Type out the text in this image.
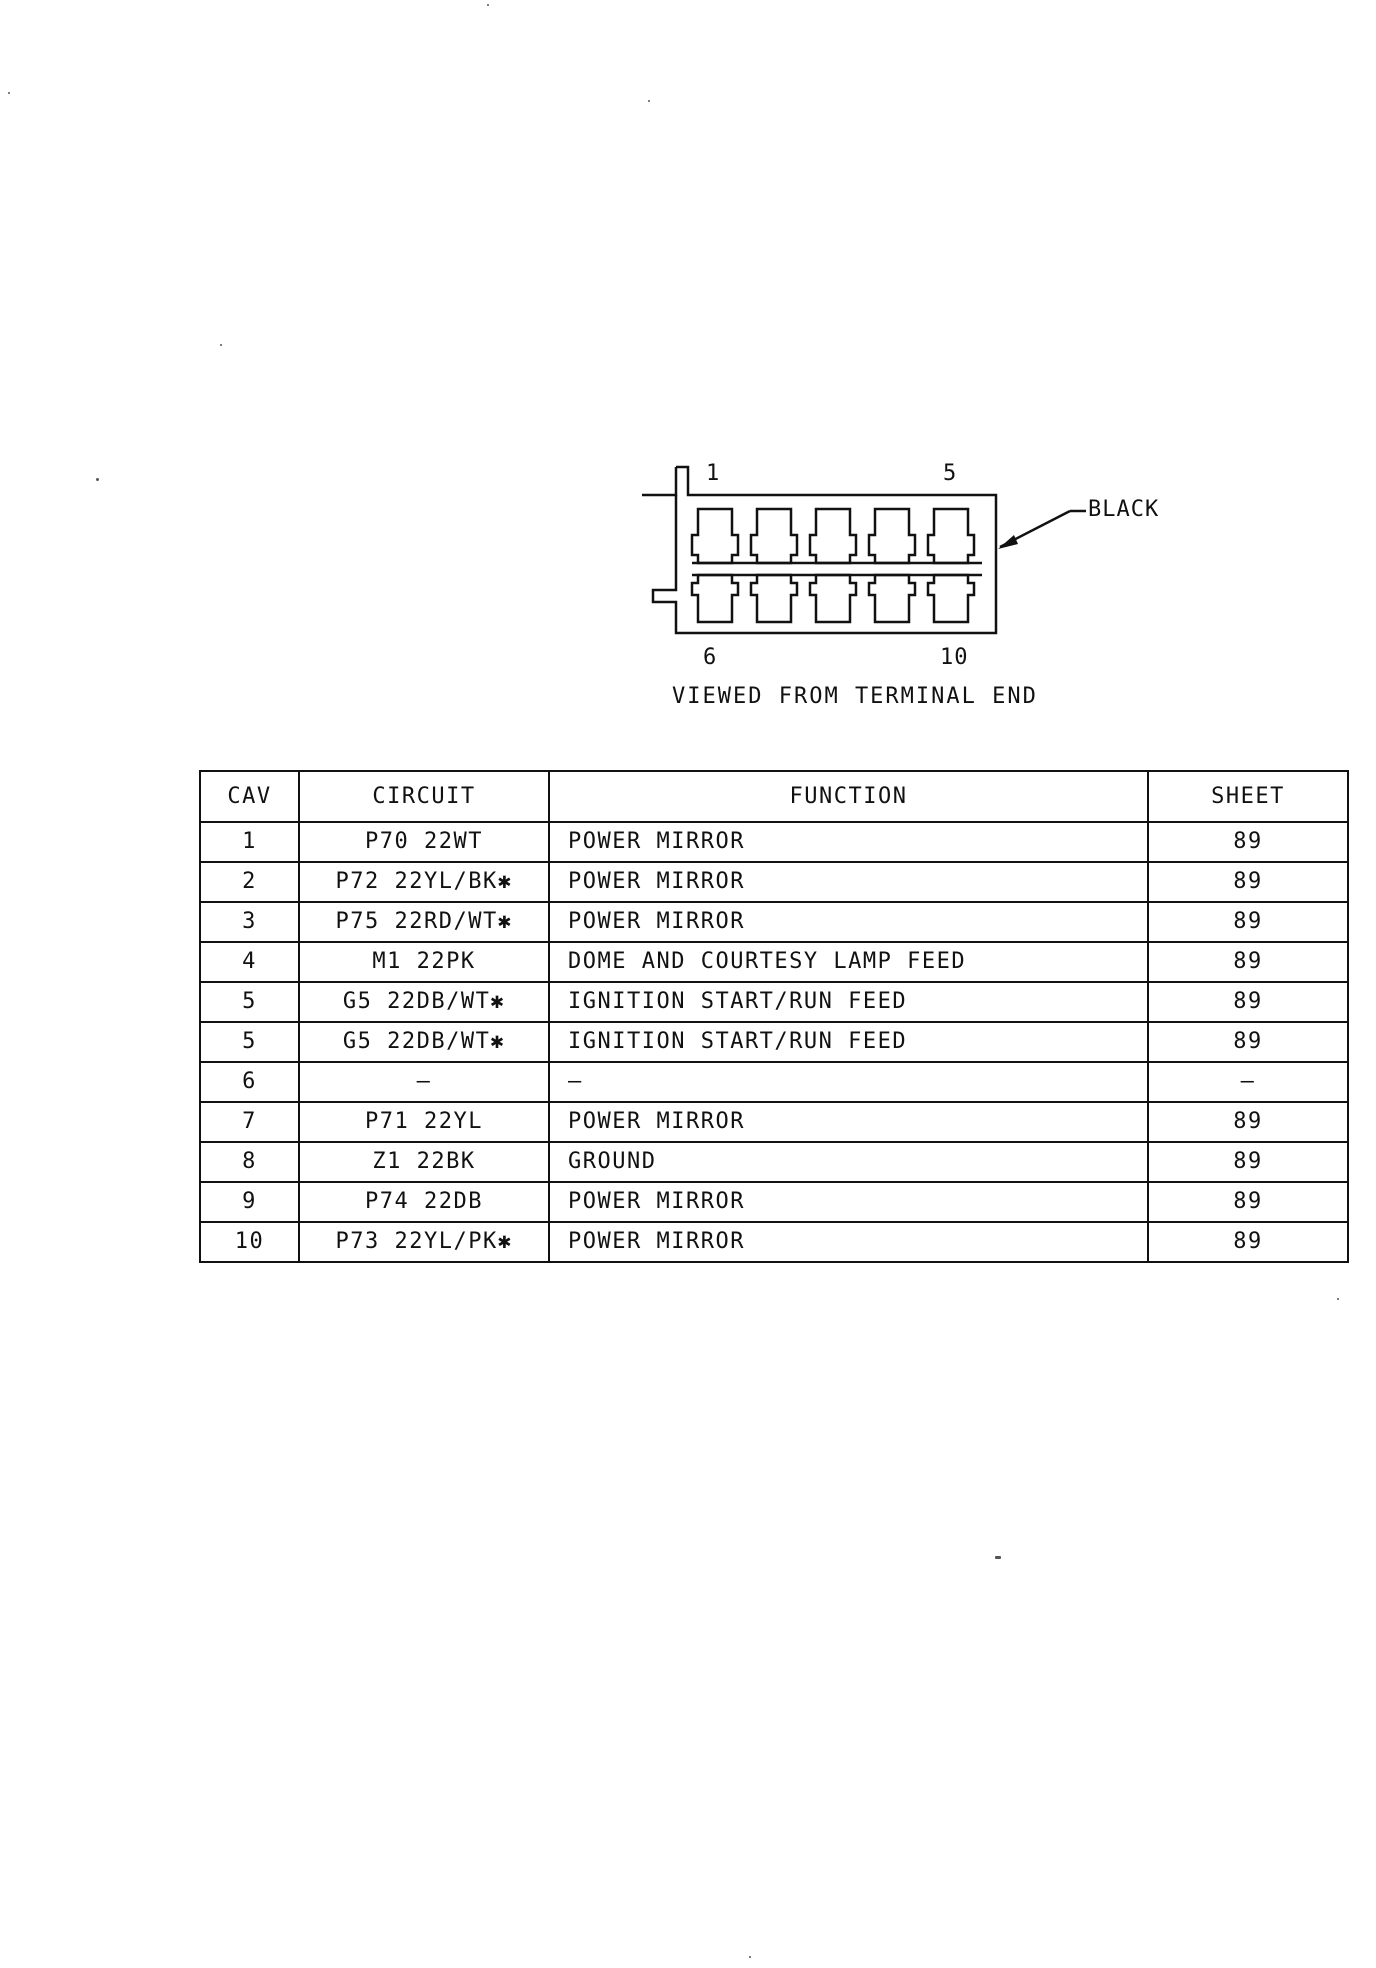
1	5
6	10
BLACK
VIEWED FROM TERMINAL END
CAV	CIRCUIT	FUNCTION	SHEET
1	P70 22WT	POWER MIRROR	89
2	P72 22YL/BK✱	POWER MIRROR	89
3	P75 22RD/WT✱	POWER MIRROR	89
4	M1 22PK	DOME AND COURTESY LAMP FEED	89
5	G5 22DB/WT✱	IGNITION START/RUN FEED	89
5	G5 22DB/WT✱	IGNITION START/RUN FEED	89
6	—	—	—
7	P71 22YL	POWER MIRROR	89
8	Z1 22BK	GROUND	89
9	P74 22DB	POWER MIRROR	89
10	P73 22YL/PK✱	POWER MIRROR	89
